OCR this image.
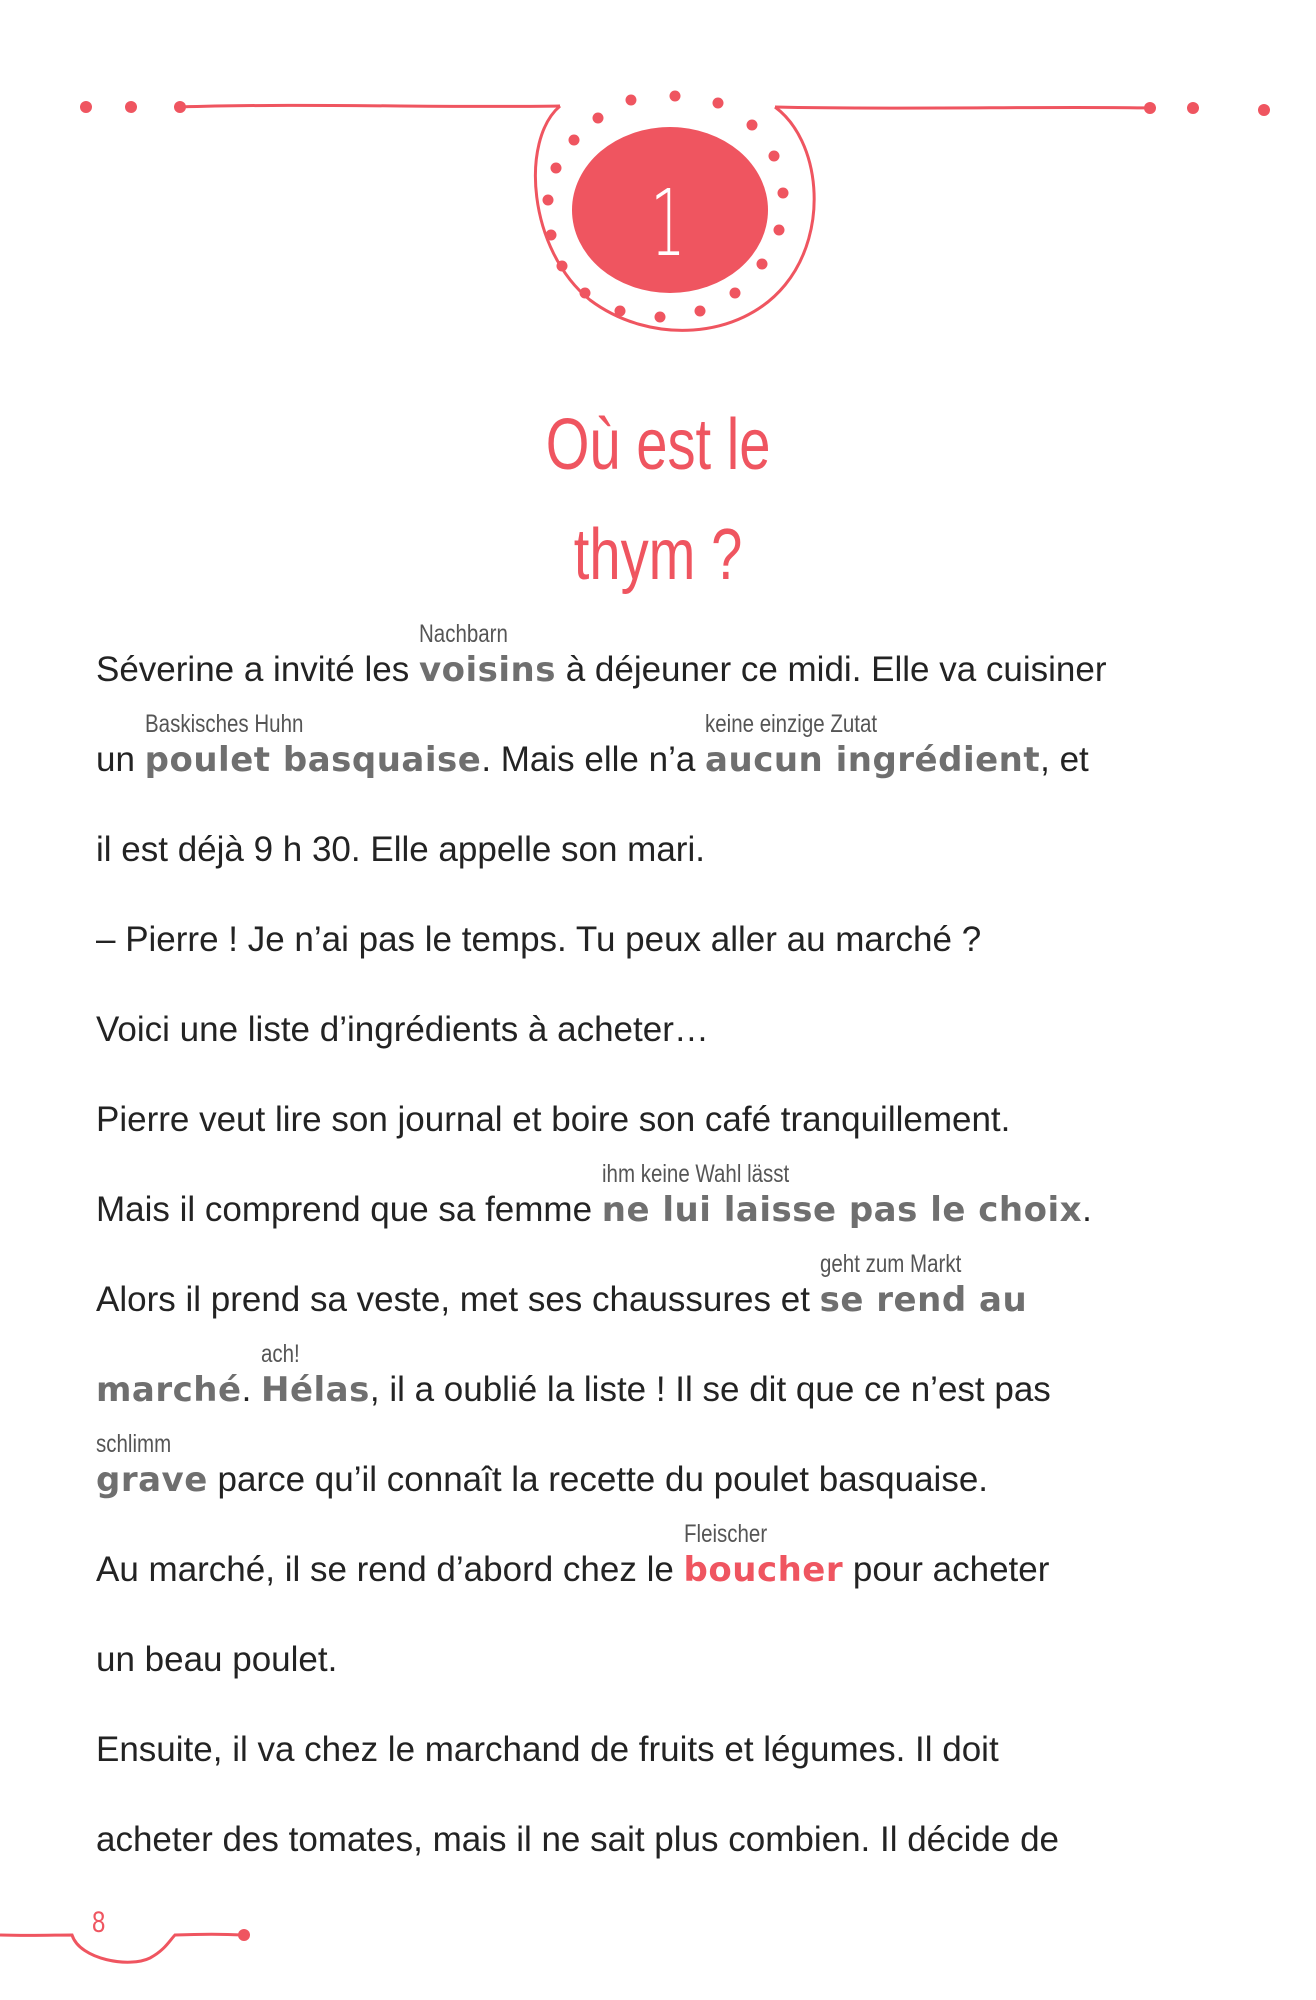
1
Où est le
thym ?
Séverine a invité les
Nachbarn
voisins à déjeuner ce midi. Elle va cuisiner
un
Baskisches Huhn
poulet basquaise. Mais elle n’a
keine einzige Zutat
aucun ingrédient, et
il est déjà 9 h 30. Elle appelle son mari.
– Pierre ! Je n’ai pas le temps. Tu peux aller au marché ?
Voici une liste d’ingrédients à acheter…
Pierre veut lire son journal et boire son café tranquillement.
Mais il comprend que sa femme
ihm keine Wahl lässt
ne lui laisse pas le choix.
Alors il prend sa veste, met ses chaussures et
geht zum Markt
se rend au
marché.
ach!
Hélas, il a oublié la liste ! Il se dit que ce n’est pas
schlimm
grave parce qu’il connaît la recette du poulet basquaise.
Au marché, il se rend d’abord chez le
Fleischer
boucher pour acheter
un beau poulet.
Ensuite, il va chez le marchand de fruits et légumes. Il doit
acheter des tomates, mais il ne sait plus combien. Il décide de
8
